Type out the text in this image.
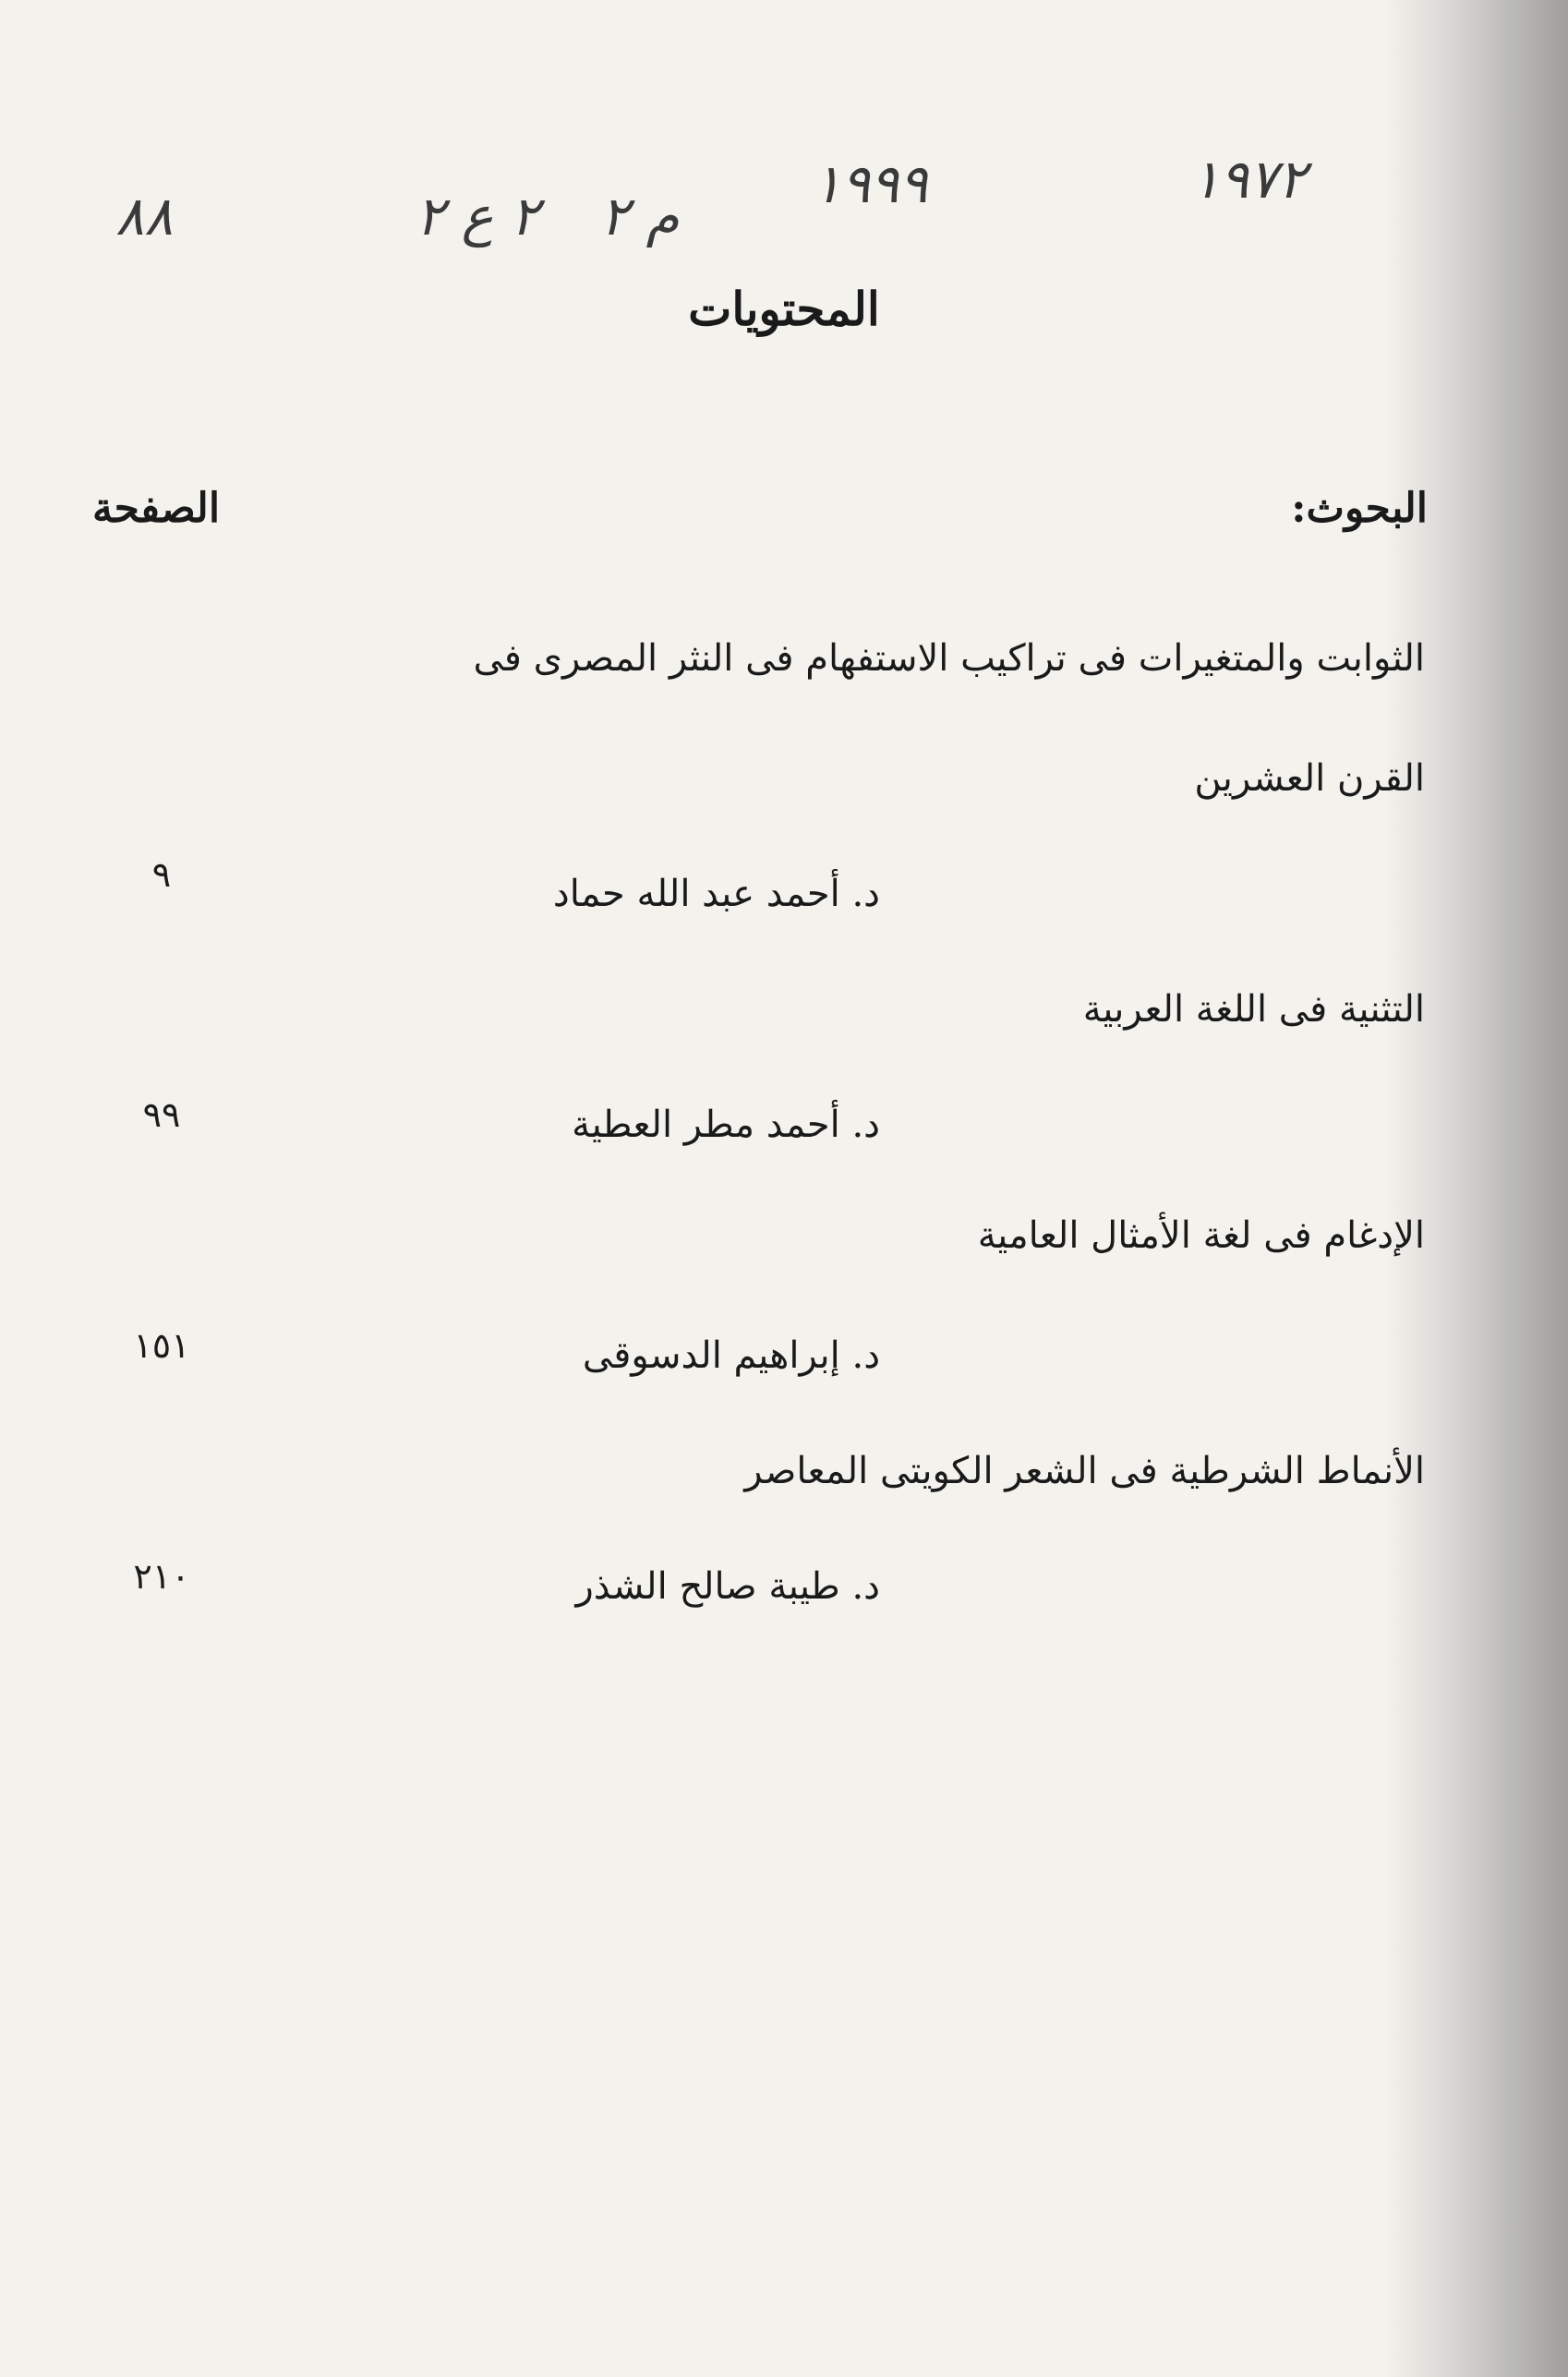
٨٨	٢ ع ٢ م ٢
١٩٩٩	١٩٧٢
المحتويات
البحوث:
الصفحة
الثوابت والمتغيرات فى تراكيب الاستفهام فى النثر المصرى فى
القرن العشرين
د. أحمد عبد الله حماد
٩
التثنية فى اللغة العربية
د. أحمد مطر العطية
٩٩
الإدغام فى لغة الأمثال العامية
د. إبراهيم الدسوقى
١٥١
الأنماط الشرطية فى الشعر الكويتى المعاصر
د. طيبة صالح الشذر
٢١٠
